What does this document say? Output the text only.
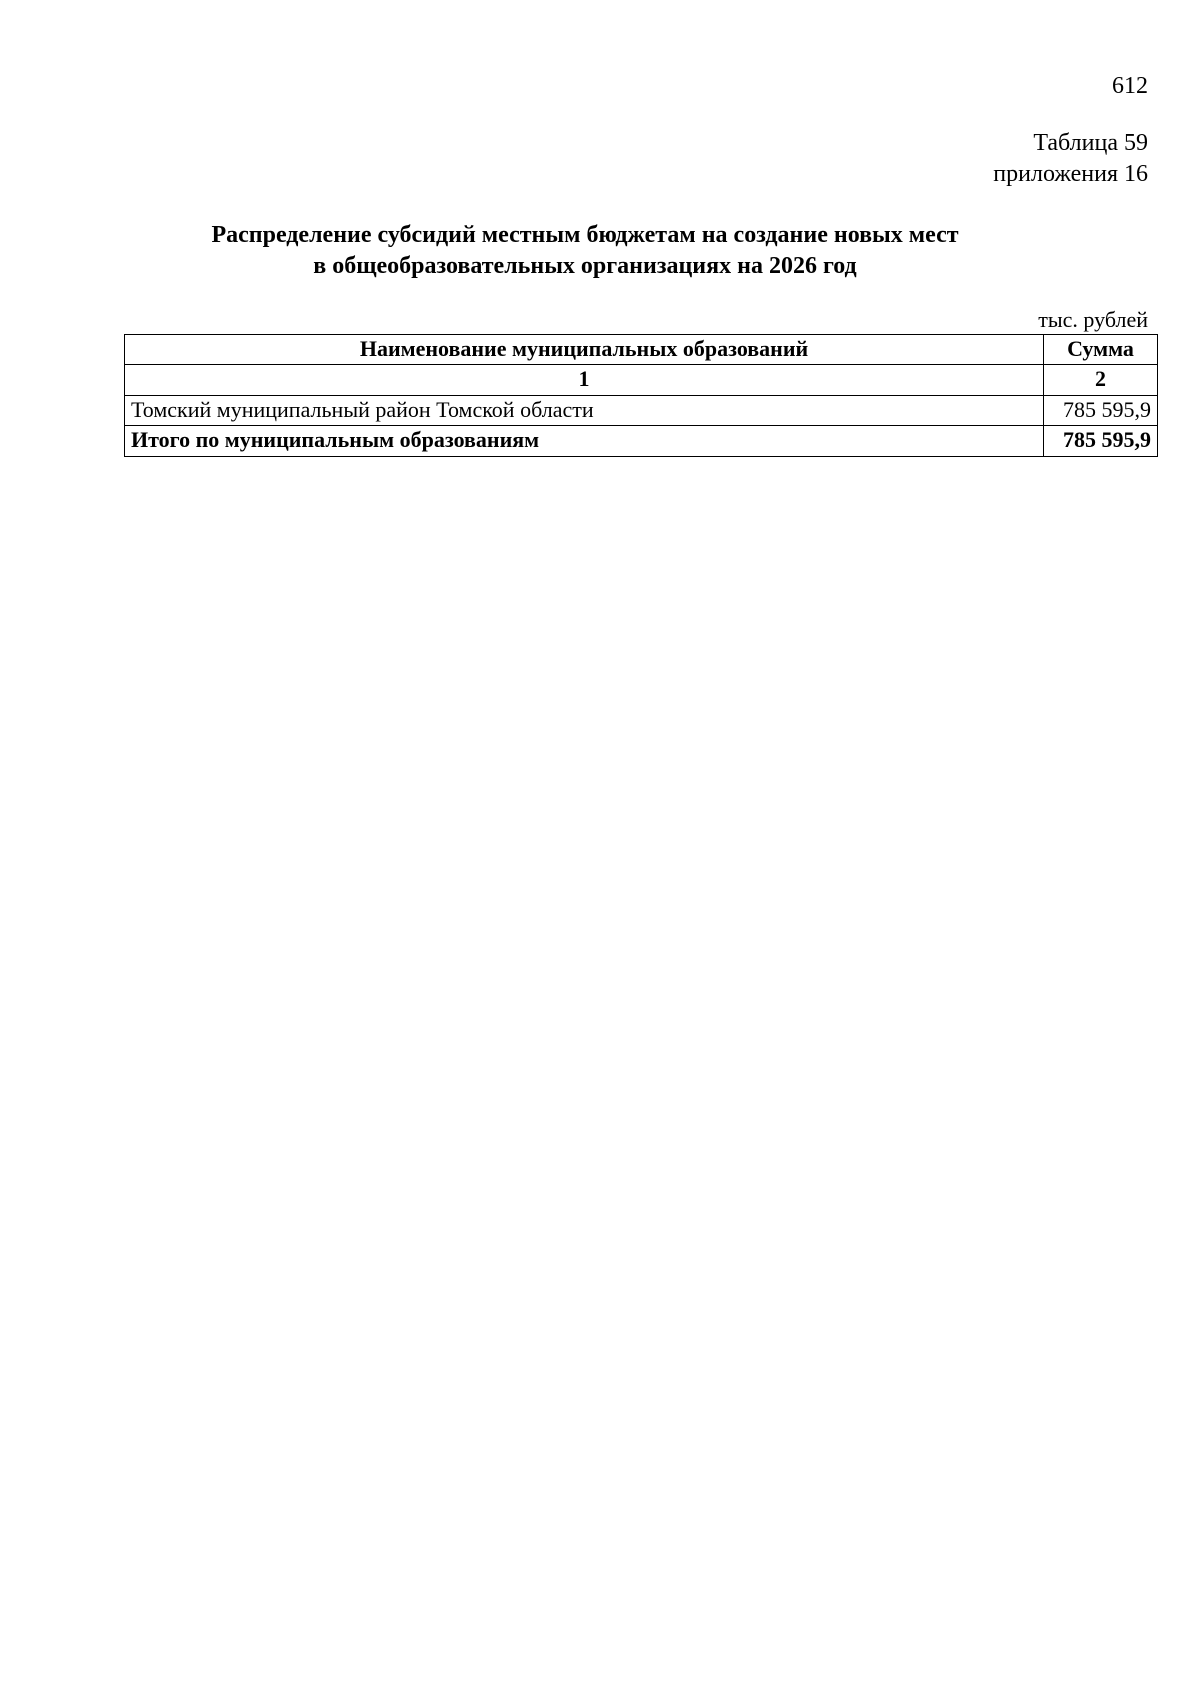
612
Таблица 59
приложения 16
Распределение субсидий местным бюджетам на создание новых мест
в общеобразовательных организациях на 2026 год
тыс. рублей
Наименование муниципальных образований	Сумма
1	2
Томский муниципальный район Томской области	785 595,9
Итого по муниципальным образованиям	785 595,9
